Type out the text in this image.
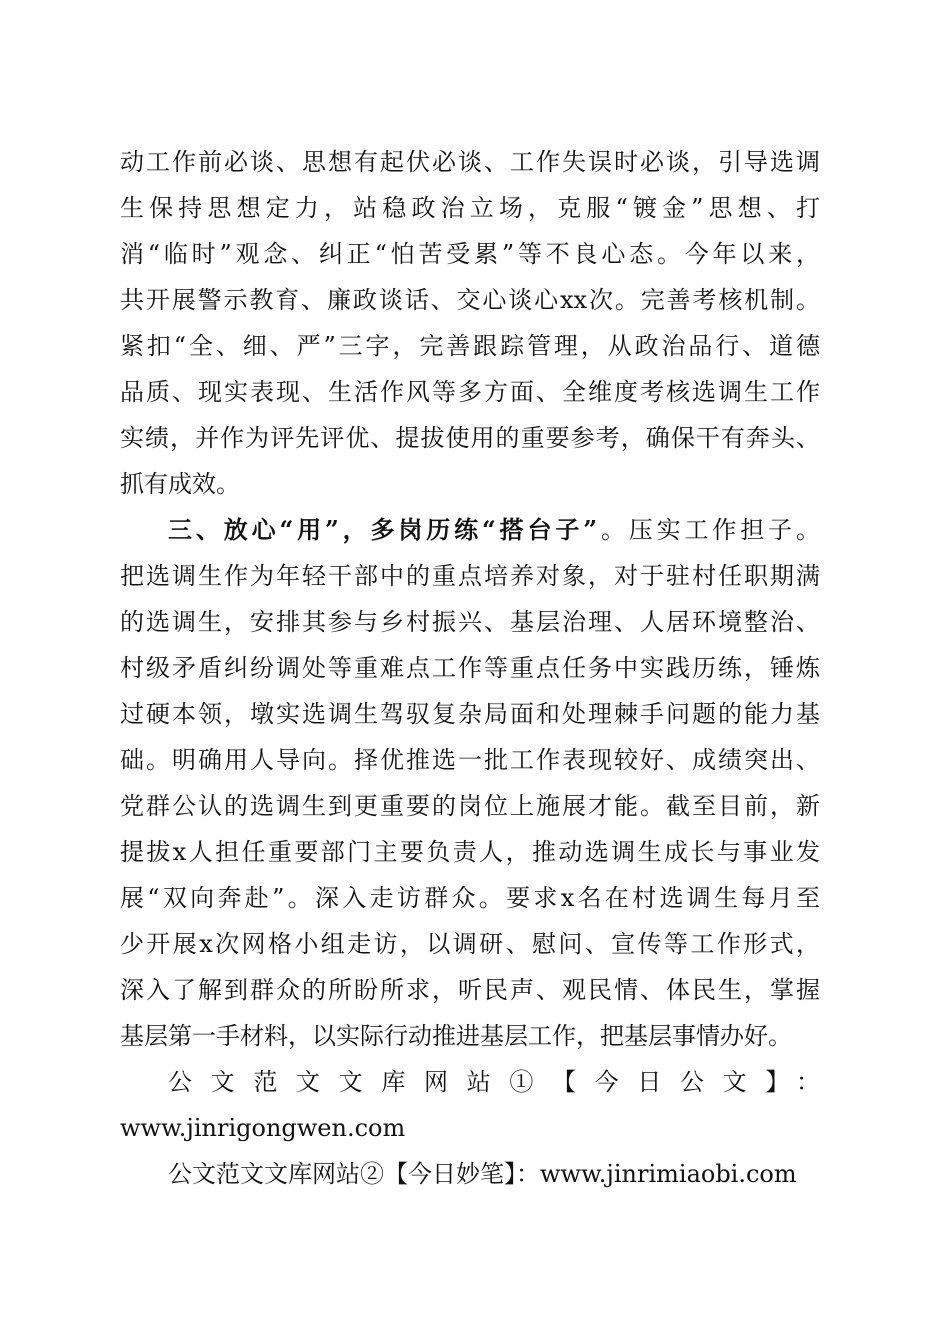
动工作前必谈、思想有起伏必谈、工作失误时必谈，引导选调
生保持思想定力，站稳政治立场，克服“镀金”思想、打
消“临时”观念、纠正“怕苦受累”等不良心态。今年以来，
共开展警示教育、廉政谈话、交心谈心xx次。完善考核机制。
紧扣“全、细、严”三字，完善跟踪管理，从政治品行、道德
品质、现实表现、生活作风等多方面、全维度考核选调生工作
实绩，并作为评先评优、提拔使用的重要参考，确保干有奔头、
抓有成效。
三、放心“用”，多岗历练“搭台子”。压实工作担子。
把选调生作为年轻干部中的重点培养对象，对于驻村任职期满
的选调生，安排其参与乡村振兴、基层治理、人居环境整治、
村级矛盾纠纷调处等重难点工作等重点任务中实践历练，锤炼
过硬本领，墩实选调生驾驭复杂局面和处理棘手问题的能力基
础。明确用人导向。择优推选一批工作表现较好、成绩突出、
党群公认的选调生到更重要的岗位上施展才能。截至目前，新
提拔x人担任重要部门主要负责人，推动选调生成长与事业发
展“双向奔赴”。深入走访群众。要求x名在村选调生每月至
少开展x次网格小组走访，以调研、慰问、宣传等工作形式，
深入了解到群众的所盼所求，听民声、观民情、体民生，掌握
基层第一手材料，以实际行动推进基层工作，把基层事情办好。
公文范文文库网站①【今日公文】：
www.jinrigongwen.com
公文范文文库网站②【今日妙笔】：www.jinrimiaobi.com
